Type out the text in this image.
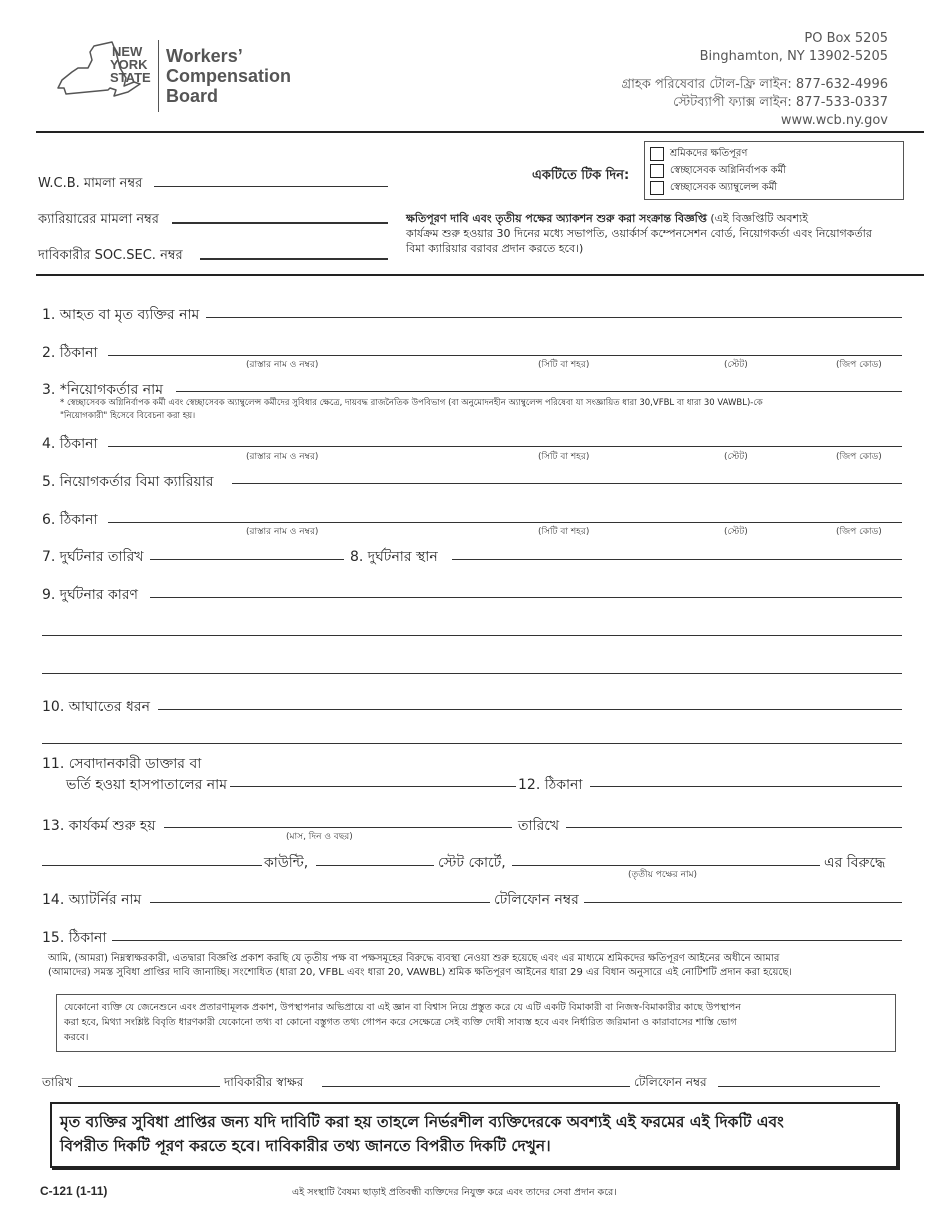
NEW
YORK
STATE
Workers’
Compensation
Board
PO Box 5205
Binghamton, NY 13902-5205
গ্রাহক পরিষেবার টোল-ফ্রি লাইন: 877-632-4996
স্টেটব্যাপী ফ্যাক্স লাইন: 877-533-0337
www.wcb.ny.gov
W.C.B. মামলা নম্বর
ক্যারিয়ারের মামলা নম্বর
দাবিকারীর SOC.SEC. নম্বর
একটিতে টিক দিন:
শ্রমিকদের ক্ষতিপূরণ
স্বেচ্ছাসেবক অগ্নিনির্বাপক কর্মী
স্বেচ্ছাসেবক অ্যাম্বুলেন্স কর্মী
ক্ষতিপূরণ দাবি এবং তৃতীয় পক্ষের অ্যাকশন শুরু করা সংক্রান্ত বিজ্ঞপ্তি (এই বিজ্ঞপ্তিটি অবশ্যই
কার্যক্রম শুরু হওয়ার 30 দিনের মধ্যে সভাপতি, ওয়ার্কার্স কম্পেনসেশন বোর্ড, নিয়োগকর্তা এবং নিয়োগকর্তার
বিমা ক্যারিয়ার বরাবর প্রদান করতে হবে।)
1. আহত বা মৃত ব্যক্তির নাম
2. ঠিকানা
(রাস্তার নাম ও নম্বর)	(সিটি বা শহর)	(স্টেট)	(জিপ কোড)
3. *নিয়োগকর্তার নাম
* স্বেচ্ছাসেবক অগ্নিনির্বাপক কর্মী এবং স্বেচ্ছাসেবক অ্যাম্বুলেন্স কর্মীদের সুবিধার ক্ষেত্রে, দায়বদ্ধ রাজনৈতিক উপবিভাগ (বা অনুমোদনহীন অ্যাম্বুলেন্স পরিষেবা যা সংজ্ঞায়িত ধারা 30,VFBL বা ধারা 30 VAWBL)-কে
"নিয়োগকারী" হিসেবে বিবেচনা করা হয়।
4. ঠিকানা
(রাস্তার নাম ও নম্বর)	(সিটি বা শহর)	(স্টেট)	(জিপ কোড)
5. নিয়োগকর্তার বিমা ক্যারিয়ার
6. ঠিকানা
(রাস্তার নাম ও নম্বর)	(সিটি বা শহর)	(স্টেট)	(জিপ কোড)
7. দুর্ঘটনার তারিখ	8. দুর্ঘটনার স্থান
9. দুর্ঘটনার কারণ
10. আঘাতের ধরন
11. সেবাদানকারী ডাক্তার বা
ভর্তি হওয়া হাসপাতালের নাম	12. ঠিকানা
13. কার্যকর্ম শুরু হয়
(মাস, দিন ও বছর)
তারিখে
কাউন্টি,	স্টেট কোর্টে,
(তৃতীয় পক্ষের নাম)
এর বিরুদ্ধে
14. অ্যাটর্নির নাম	টেলিফোন নম্বর
15. ঠিকানা
আমি, (আমরা) নিম্নস্বাক্ষরকারী, এতদ্বারা বিজ্ঞপ্তি প্রকাশ করছি যে তৃতীয় পক্ষ বা পক্ষসমূহের বিরুদ্ধে ব্যবস্থা নেওয়া শুরু হয়েছে এবং এর মাধ্যমে শ্রমিকদের ক্ষতিপূরণ আইনের অধীনে আমার
(আমাদের) সমস্ত সুবিধা প্রাপ্তির দাবি জানাচ্ছি। সংশোধিত (ধারা 20, VFBL এবং ধারা 20, VAWBL) শ্রমিক ক্ষতিপূরণ আইনের ধারা 29 এর বিধান অনুসারে এই নোটিশটি প্রদান করা হয়েছে।
যেকোনো ব্যক্তি যে জেনেশুনে এবং প্রতারণামূলক প্রকাশ, উপস্থাপনার অভিপ্রায়ে বা এই জ্ঞান বা বিশ্বাস নিয়ে প্রস্তুত করে যে এটি একটি বিমাকারী বা নিজস্ব-বিমাকারীর কাছে উপস্থাপন
করা হবে, মিথ্যা সংশ্লিষ্ট বিবৃতি ধারণকারী যেকোনো তথ্য বা কোনো বস্তুগত তথ্য গোপন করে সেক্ষেত্রে সেই ব্যক্তি দোষী সাব্যস্ত হবে এবং নির্ধারিত জরিমানা ও কারাবাসের শাস্তি ভোগ
করবে।
তারিখ	দাবিকারীর স্বাক্ষর	টেলিফোন নম্বর
মৃত ব্যক্তির সুবিধা প্রাপ্তির জন্য যদি দাবিটি করা হয় তাহলে নির্ভরশীল ব্যক্তিদেরকে অবশ্যই এই ফরমের এই দিকটি এবং
বিপরীত দিকটি পূরণ করতে হবে। দাবিকারীর তথ্য জানতে বিপরীত দিকটি দেখুন।
C-121 (1-11)	এই সংস্থাটি বৈষম্য ছাড়াই প্রতিবন্ধী ব্যক্তিদের নিযুক্ত করে এবং তাদের সেবা প্রদান করে।
